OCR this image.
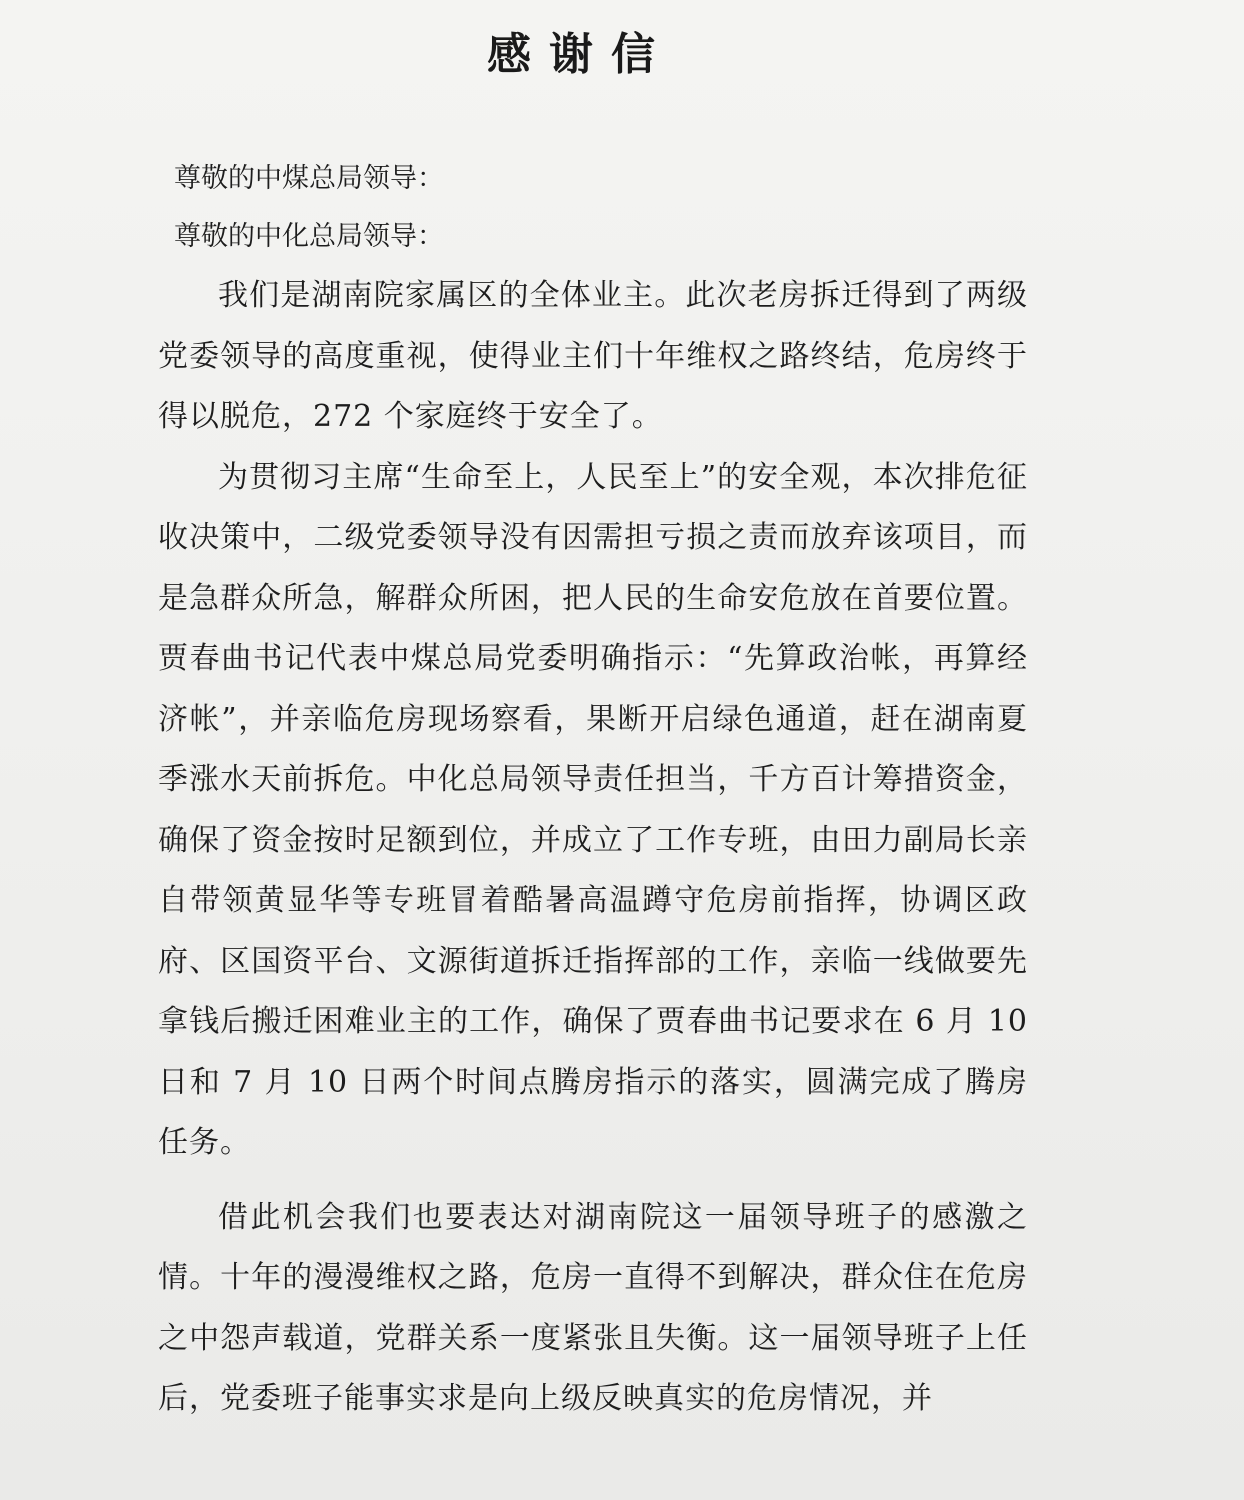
感谢信

尊敬的中煤总局领导：

尊敬的中化总局领导：

我们是湖南院家属区的全体业主。此次老房拆迁得到了两级党委领导的高度重视，使得业主们十年维权之路终结，危房终于得以脱危，272 个家庭终于安全了。

为贯彻习主席“生命至上，人民至上”的安全观，本次排危征收决策中，二级党委领导没有因需担亏损之责而放弃该项目，而是急群众所急，解群众所困，把人民的生命安危放在首要位置。贾春曲书记代表中煤总局党委明确指示：“先算政治帐，再算经济帐”，并亲临危房现场察看，果断开启绿色通道，赶在湖南夏季涨水天前拆危。中化总局领导责任担当，千方百计筹措资金，确保了资金按时足额到位，并成立了工作专班，由田力副局长亲自带领黄显华等专班冒着酷暑高温蹲守危房前指挥，协调区政府、区国资平台、文源街道拆迁指挥部的工作，亲临一线做要先拿钱后搬迁困难业主的工作，确保了贾春曲书记要求在 6 月 10 日和 7 月 10 日两个时间点腾房指示的落实，圆满完成了腾房任务。

借此机会我们也要表达对湖南院这一届领导班子的感激之情。十年的漫漫维权之路，危房一直得不到解决，群众住在危房之中怨声载道，党群关系一度紧张且失衡。这一届领导班子上任后，党委班子能事实求是向上级反映真实的危房情况，并
